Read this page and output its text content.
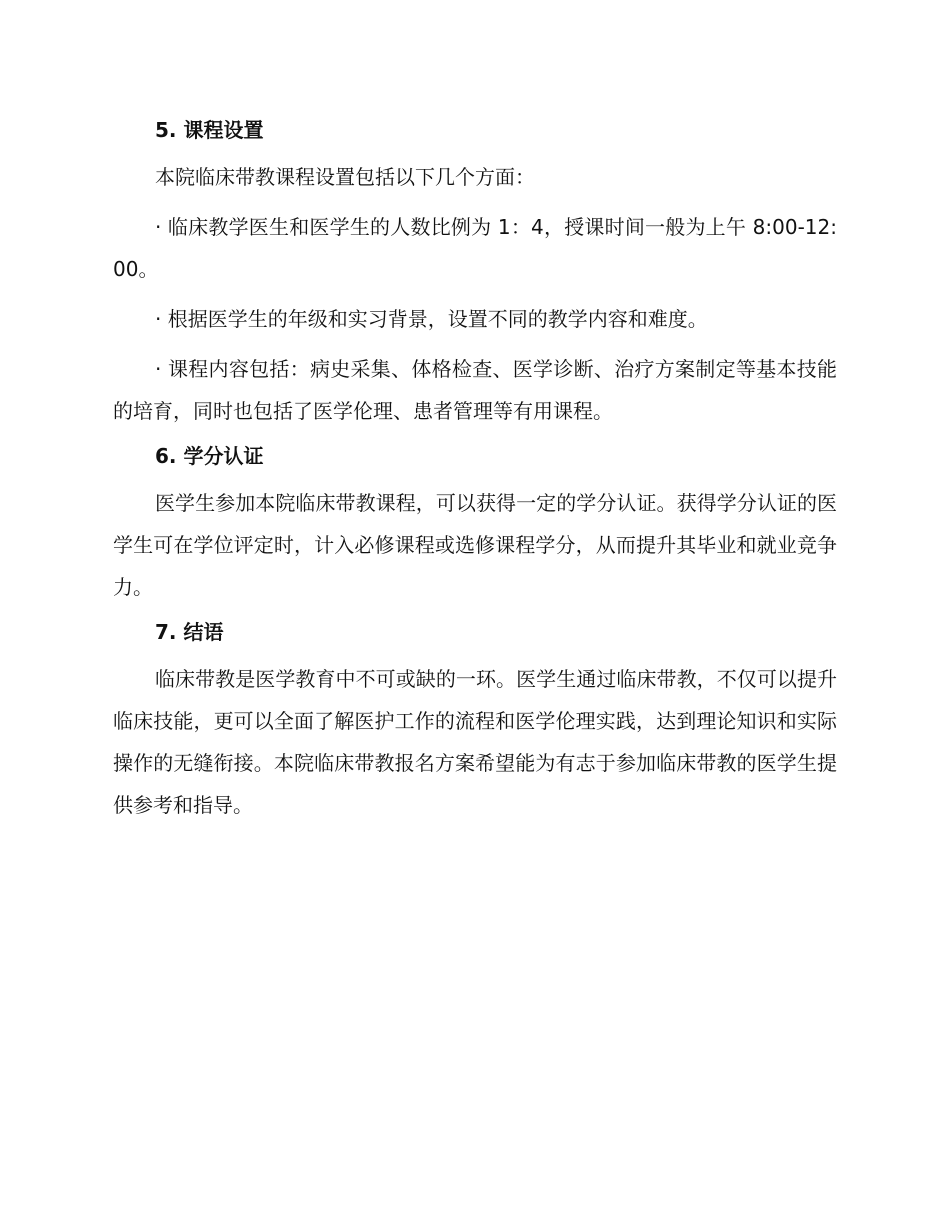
5. 课程设置

本院临床带教课程设置包括以下几个方面：

· 临床教学医生和医学生的人数比例为 1：4，授课时间一般为上午 8:00-12:00。

· 根据医学生的年级和实习背景，设置不同的教学内容和难度。

· 课程内容包括：病史采集、体格检查、医学诊断、治疗方案制定等基本技能的培育，同时也包括了医学伦理、患者管理等有用课程。

6. 学分认证

医学生参加本院临床带教课程，可以获得一定的学分认证。获得学分认证的医学生可在学位评定时，计入必修课程或选修课程学分，从而提升其毕业和就业竞争力。

7. 结语

临床带教是医学教育中不可或缺的一环。医学生通过临床带教，不仅可以提升临床技能，更可以全面了解医护工作的流程和医学伦理实践，达到理论知识和实际操作的无缝衔接。本院临床带教报名方案希望能为有志于参加临床带教的医学生提供参考和指导。
